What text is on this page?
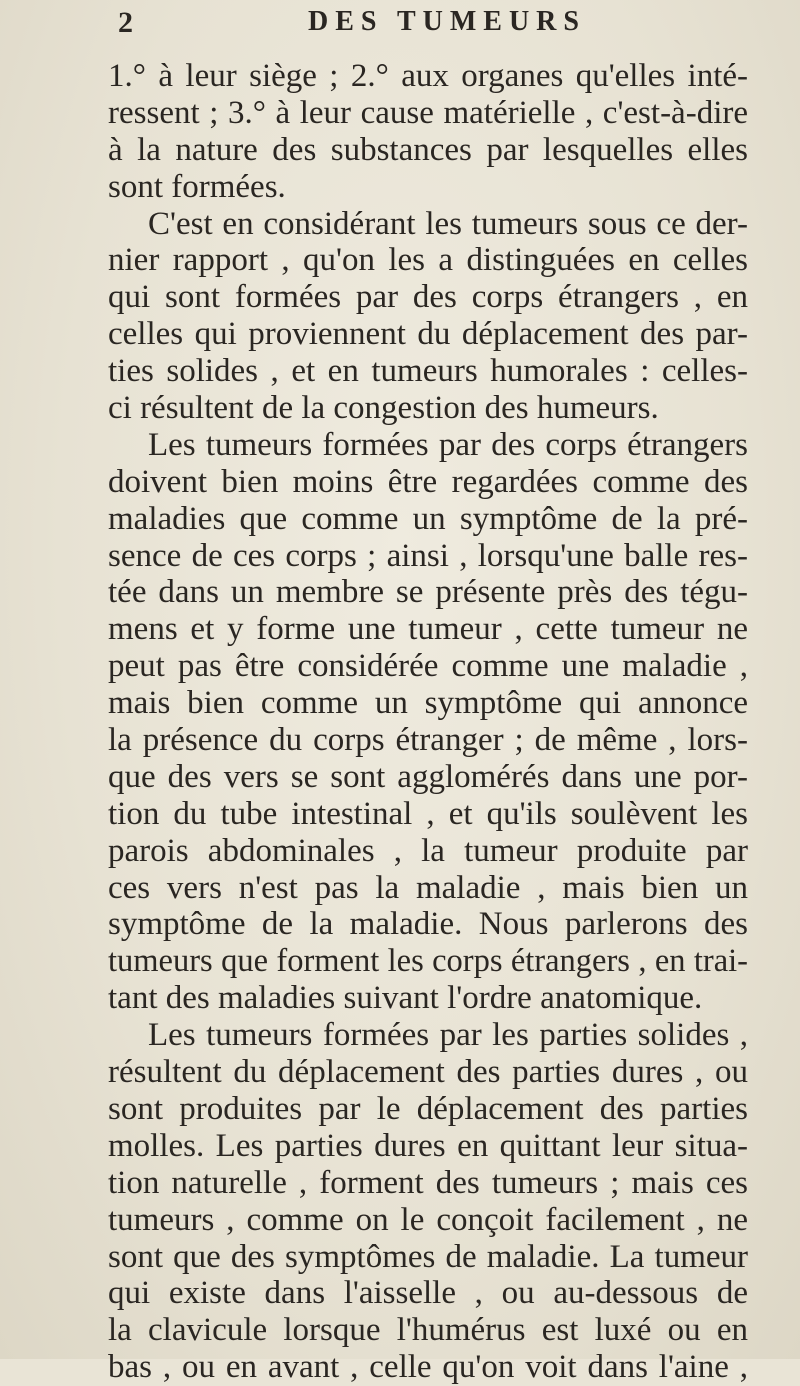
2	DES TUMEURS
1.° à leur siège ; 2.° aux organes qu'elles inté-
ressent ; 3.° à leur cause matérielle , c'est-à-dire
à la nature des substances par lesquelles elles
sont formées.
C'est en considérant les tumeurs sous ce der-
nier rapport , qu'on les a distinguées en celles
qui sont formées par des corps étrangers , en
celles qui proviennent du déplacement des par-
ties solides , et en tumeurs humorales : celles-
ci résultent de la congestion des humeurs.
Les tumeurs formées par des corps étrangers
doivent bien moins être regardées comme des
maladies que comme un symptôme de la pré-
sence de ces corps ; ainsi , lorsqu'une balle res-
tée dans un membre se présente près des tégu-
mens et y forme une tumeur , cette tumeur ne
peut pas être considérée comme une maladie ,
mais bien comme un symptôme qui annonce
la présence du corps étranger ; de même , lors-
que des vers se sont agglomérés dans une por-
tion du tube intestinal , et qu'ils soulèvent les
parois abdominales , la tumeur produite par
ces vers n'est pas la maladie , mais bien un
symptôme de la maladie. Nous parlerons des
tumeurs que forment les corps étrangers , en trai-
tant des maladies suivant l'ordre anatomique.
Les tumeurs formées par les parties solides ,
résultent du déplacement des parties dures , ou
sont produites par le déplacement des parties
molles. Les parties dures en quittant leur situa-
tion naturelle , forment des tumeurs ; mais ces
tumeurs , comme on le conçoit facilement , ne
sont que des symptômes de maladie. La tumeur
qui existe dans l'aisselle , ou au-dessous de
la clavicule lorsque l'humérus est luxé ou en
bas , ou en avant , celle qu'on voit dans l'aine ,
